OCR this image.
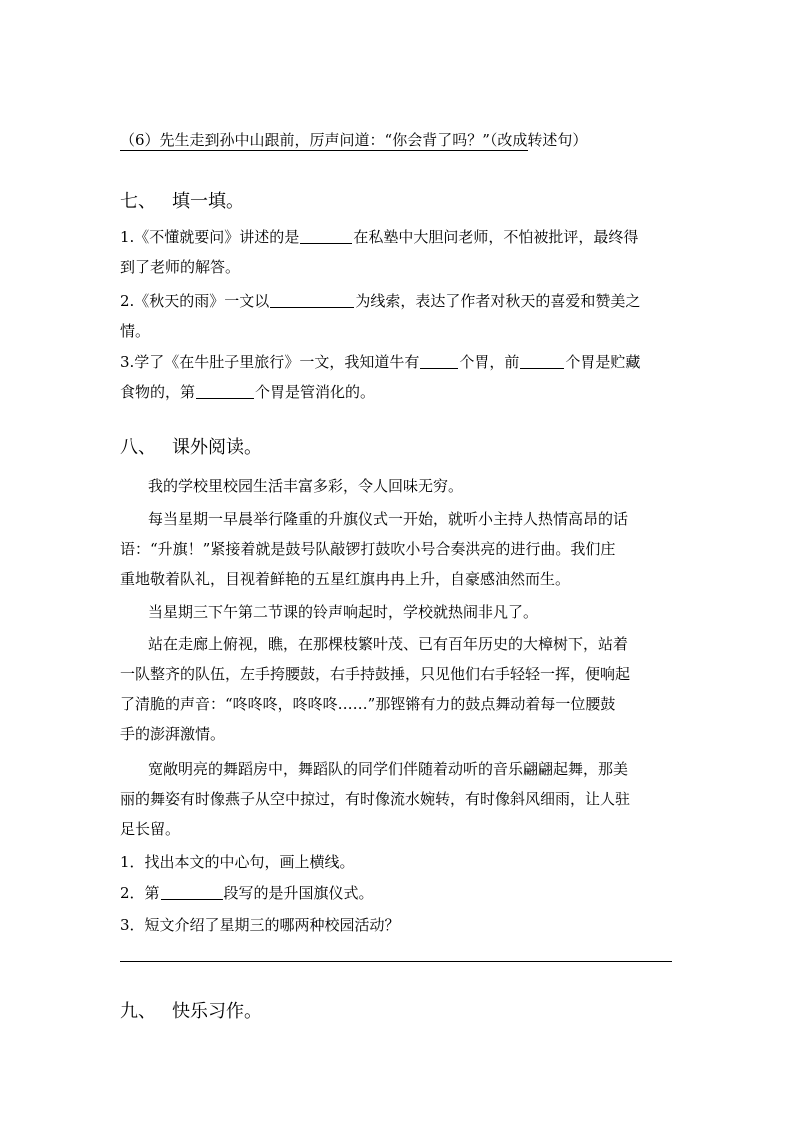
（6）先生走到孙中山跟前，厉声问道：“你会背了吗？”（改成转述句）
七、 填一填。
1.《不懂就要问》讲述的是	在私塾中大胆问老师，不怕被批评，最终得
到了老师的解答。
2.《秋天的雨》一文以	为线索，表达了作者对秋天的喜爱和赞美之
情。
3.学了《在牛肚子里旅行》一文，我知道牛有	个胃，前	个胃是贮藏
食物的，第	个胃是管消化的。
八、 课外阅读。
我的学校里校园生活丰富多彩，令人回味无穷。
每当星期一早晨举行隆重的升旗仪式一开始，就听小主持人热情高昂的话
语：“升旗！”紧接着就是鼓号队敲锣打鼓吹小号合奏洪亮的进行曲。我们庄
重地敬着队礼，目视着鲜艳的五星红旗冉冉上升，自豪感油然而生。
当星期三下午第二节课的铃声响起时，学校就热闹非凡了。
站在走廊上俯视，瞧，在那棵枝繁叶茂、已有百年历史的大樟树下，站着
一队整齐的队伍，左手挎腰鼓，右手持鼓捶，只见他们右手轻轻一挥，便响起
了清脆的声音：“咚咚咚，咚咚咚……”那铿锵有力的鼓点舞动着每一位腰鼓
手的澎湃激情。
宽敞明亮的舞蹈房中，舞蹈队的同学们伴随着动听的音乐翩翩起舞，那美
丽的舞姿有时像燕子从空中掠过，有时像流水婉转，有时像斜风细雨，让人驻
足长留。
1．找出本文的中心句，画上横线。
2．第	段写的是升国旗仪式。
3．短文介绍了星期三的哪两种校园活动？
九、 快乐习作。
